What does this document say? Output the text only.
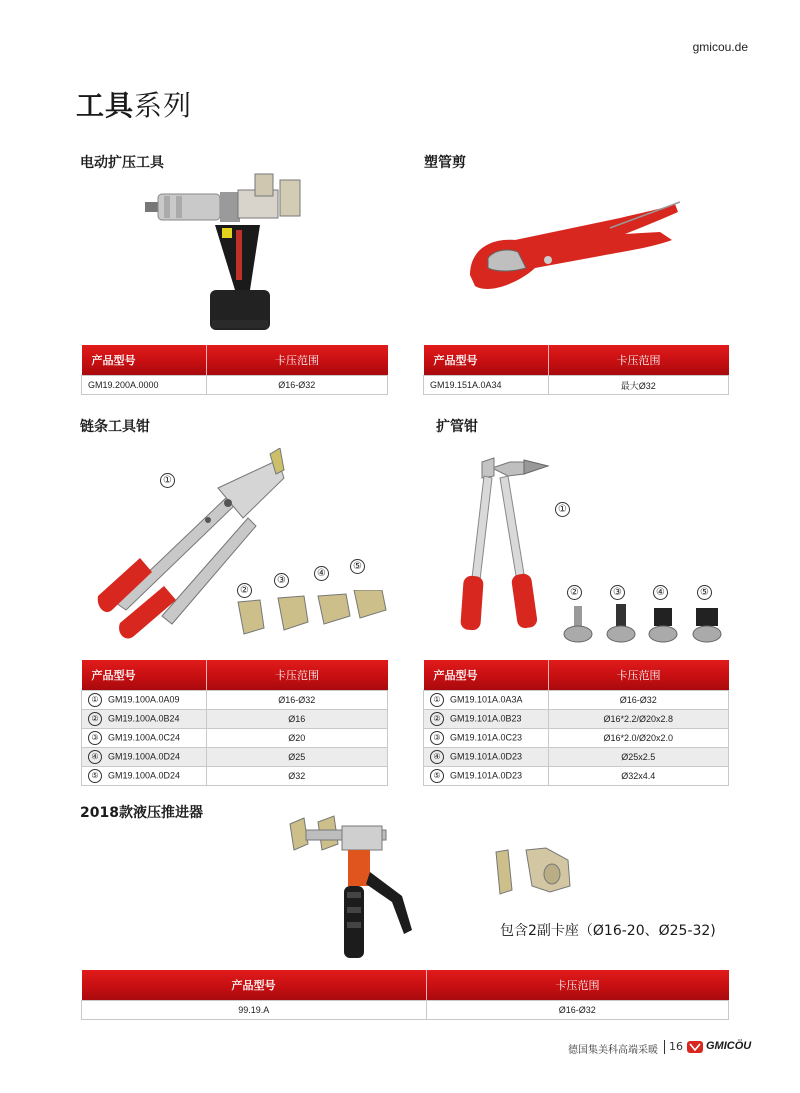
gmicou.de
工具系列
电动扩压工具
产品型号	卡压范围
GM19.200A.0000	Ø16-Ø32
塑管剪
产品型号	卡压范围
GM19.151A.0A34	最大Ø32
链条工具钳
①
②
③
④
⑤
产品型号	卡压范围
① GM19.100A.0A09	Ø16-Ø32
② GM19.100A.0B24	Ø16
③ GM19.100A.0C24	Ø20
④ GM19.100A.0D24	Ø25
⑤ GM19.100A.0D24	Ø32
扩管钳
①
②	③	④	⑤
产品型号	卡压范围
① GM19.101A.0A3A	Ø16-Ø32
② GM19.101A.0B23	Ø16*2.2/Ø20x2.8
③ GM19.101A.0C23	Ø16*2.0/Ø20x2.0
④ GM19.101A.0D23	Ø25x2.5
⑤ GM19.101A.0D23	Ø32x4.4
2018款液压推进器
包含2副卡座（Ø16-20、Ø25-32)
产品型号	卡压范围
99.19.A	Ø16-Ø32
德国集美科高端采暖 16 GMICÖU
